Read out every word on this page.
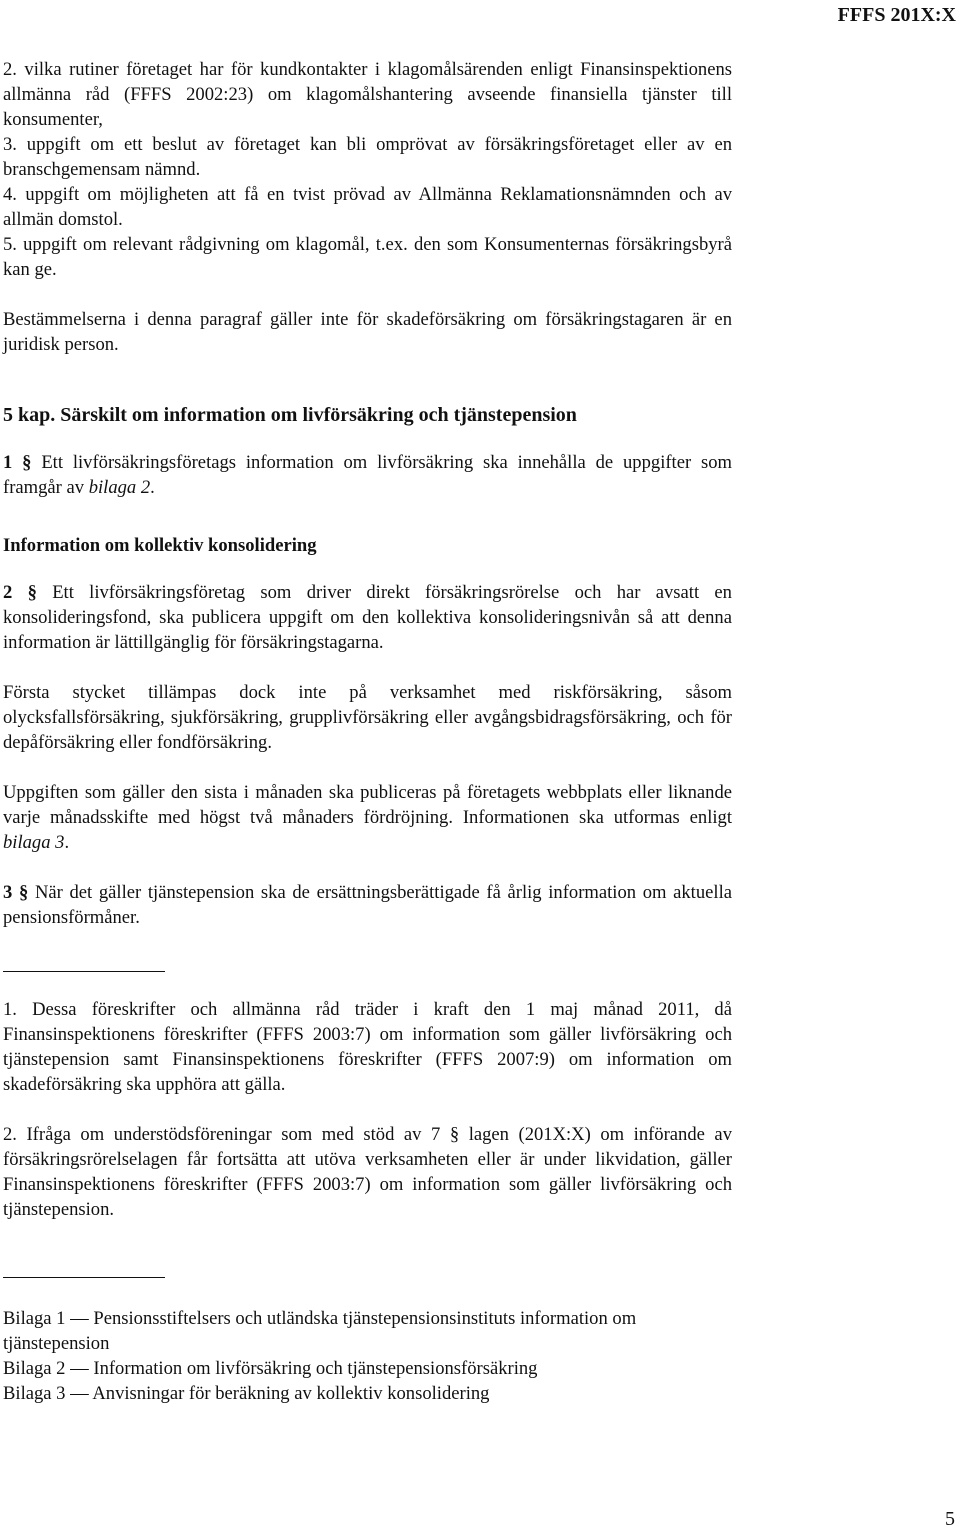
FFFS 201X:X

2. vilka rutiner företaget har för kundkontakter i klagomålsärenden enligt Finansinspektionens allmänna råd (FFFS 2002:23) om klagomålshantering avseende finansiella tjänster till konsumenter,

3. uppgift om ett beslut av företaget kan bli omprövat av försäkringsföretaget eller av en branschgemensam nämnd.

4. uppgift om möjligheten att få en tvist prövad av Allmänna Reklamationsnämnden och av allmän domstol.

5. uppgift om relevant rådgivning om klagomål, t.ex. den som Konsumenternas försäkringsbyrå kan ge.

Bestämmelserna i denna paragraf gäller inte för skadeförsäkring om försäkringstagaren är en juridisk person.

5 kap. Särskilt om information om livförsäkring och tjänstepension

1 § Ett livförsäkringsföretags information om livförsäkring ska innehålla de uppgifter som framgår av bilaga 2.

Information om kollektiv konsolidering

2 § Ett livförsäkringsföretag som driver direkt försäkringsrörelse och har avsatt en konsolideringsfond, ska publicera uppgift om den kollektiva konsolideringsnivån så att denna information är lättillgänglig för försäkringstagarna.

Första stycket tillämpas dock inte på verksamhet med riskförsäkring, såsom olycksfallsförsäkring, sjukförsäkring, grupplivförsäkring eller avgångsbidragsförsäkring, och för depåförsäkring eller fondförsäkring.

Uppgiften som gäller den sista i månaden ska publiceras på företagets webbplats eller liknande varje månadsskifte med högst två månaders fördröjning. Informationen ska utformas enligt bilaga 3.

3 § När det gäller tjänstepension ska de ersättningsberättigade få årlig information om aktuella pensionsförmåner.

1. Dessa föreskrifter och allmänna råd träder i kraft den 1 maj månad 2011, då Finansinspektionens föreskrifter (FFFS 2003:7) om information som gäller livförsäkring och tjänstepension samt Finansinspektionens föreskrifter (FFFS 2007:9) om information om skadeförsäkring ska upphöra att gälla.

2. Ifråga om understödsföreningar som med stöd av 7 § lagen (201X:X) om införande av försäkringsrörelselagen får fortsätta att utöva verksamheten eller är under likvidation, gäller Finansinspektionens föreskrifter (FFFS 2003:7) om information som gäller livförsäkring och tjänstepension.

Bilaga 1 — Pensionsstiftelsers och utländska tjänstepensionsinstituts information om tjänstepension

Bilaga 2 — Information om livförsäkring och tjänstepensionsförsäkring

Bilaga 3 — Anvisningar för beräkning av kollektiv konsolidering

5
